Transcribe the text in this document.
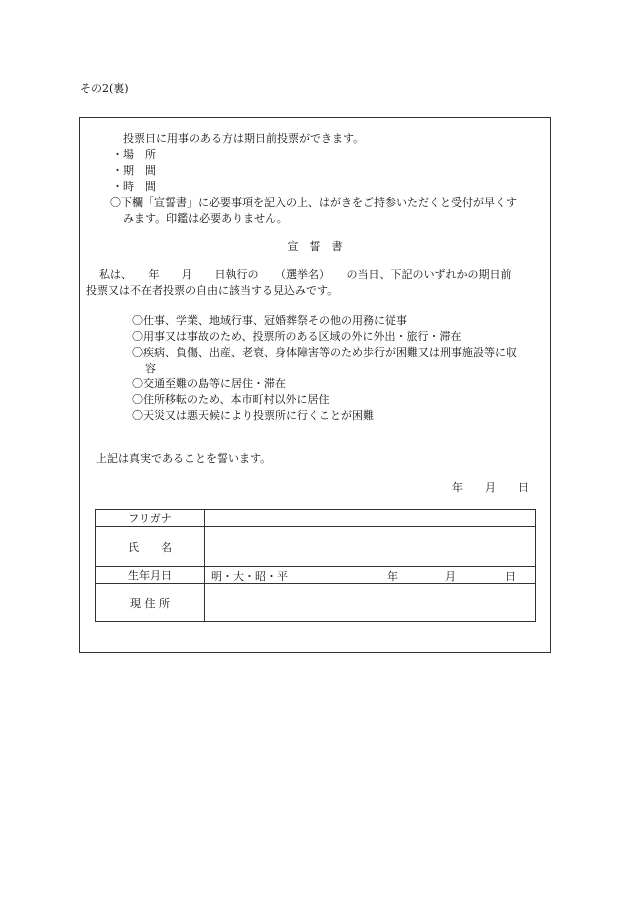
その2(裏)
投票日に用事のある方は期日前投票ができます。
・場　所
・期　間
・時　間
〇下欄「宣誓書」に必要事項を記入の上、はがきをご持参いただくと受付が早くす
みます。印鑑は必要ありません。
宣　誓　書
私は、　　年　　月　　日執行の　　（選挙名）　　の当日、下記のいずれかの期日前
投票又は不在者投票の自由に該当する見込みです。
〇仕事、学業、地域行事、冠婚葬祭その他の用務に従事
〇用事又は事故のため、投票所のある区域の外に外出・旅行・滞在
〇疾病、負傷、出産、老衰、身体障害等のため歩行が困難又は刑事施設等に収
容
〇交通至難の島等に居住・滞在
〇住所移転のため、本市町村以外に居住
〇天災又は悪天候により投票所に行くことが困難
上記は真実であることを誓います。
年　　月　　日
フリガナ	
氏　　名	
生年月日	明・大・昭・平 年 月 日

現 住 所	
